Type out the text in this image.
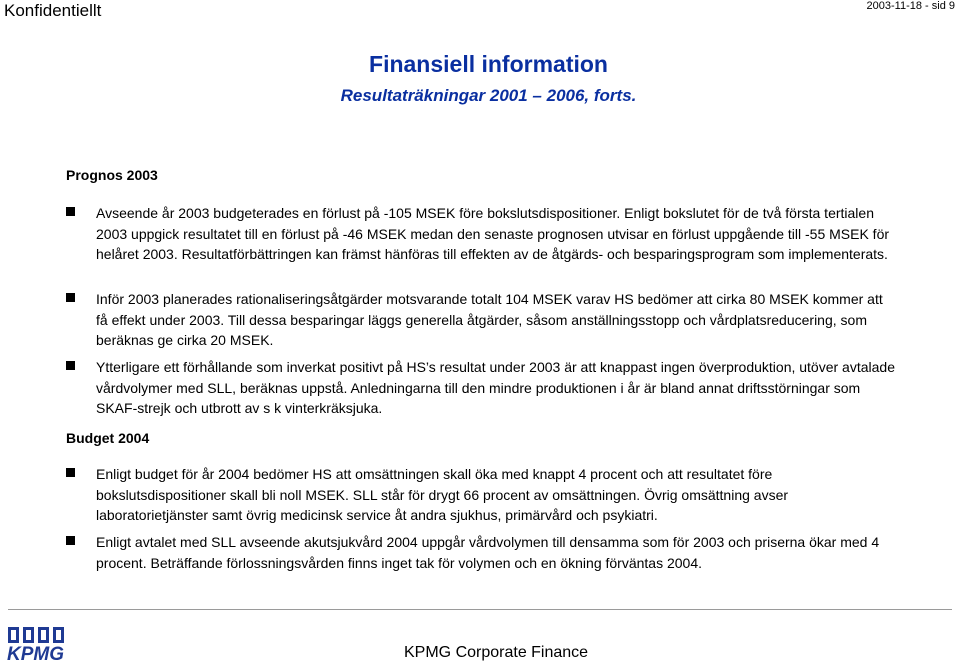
Konfidentiellt	2003-11-18 - sid 9
Finansiell information
Resultaträkningar 2001 – 2006, forts.
Prognos 2003
Avseende år 2003 budgeterades en förlust på -105 MSEK före bokslutsdispositioner. Enligt bokslutet för de två första tertialen 2003 uppgick resultatet till en förlust på -46 MSEK medan den senaste prognosen utvisar en förlust uppgående till -55 MSEK för helåret 2003. Resultatförbättringen kan främst hänföras till effekten av de åtgärds- och besparingsprogram som implementerats.
Inför 2003 planerades rationaliseringsåtgärder motsvarande totalt 104 MSEK varav HS bedömer att cirka 80 MSEK kommer att få effekt under 2003. Till dessa besparingar läggs generella åtgärder, såsom anställningsstopp och vårdplatsreducering, som beräknas ge cirka 20 MSEK.
Ytterligare ett förhållande som inverkat positivt på HS’s resultat under 2003 är att knappast ingen överproduktion, utöver avtalade vårdvolymer med SLL, beräknas uppstå. Anledningarna till den mindre produktionen i år är bland annat driftsstörningar som SKAF-strejk och utbrott av s k vinterkräksjuka.
Budget 2004
Enligt budget för år 2004 bedömer HS att omsättningen skall öka med knappt 4 procent och att resultatet före bokslutsdispositioner skall bli noll MSEK. SLL står för drygt 66 procent av omsättningen. Övrig omsättning avser laboratorietjänster samt övrig medicinsk service åt andra sjukhus, primärvård och psykiatri.
Enligt avtalet med SLL avseende akutsjukvård 2004 uppgår vårdvolymen till densamma som för 2003 och priserna ökar med 4 procent. Beträffande förlossningsvården finns inget tak för volymen och en ökning förväntas 2004.
KPMG	KPMG Corporate Finance
